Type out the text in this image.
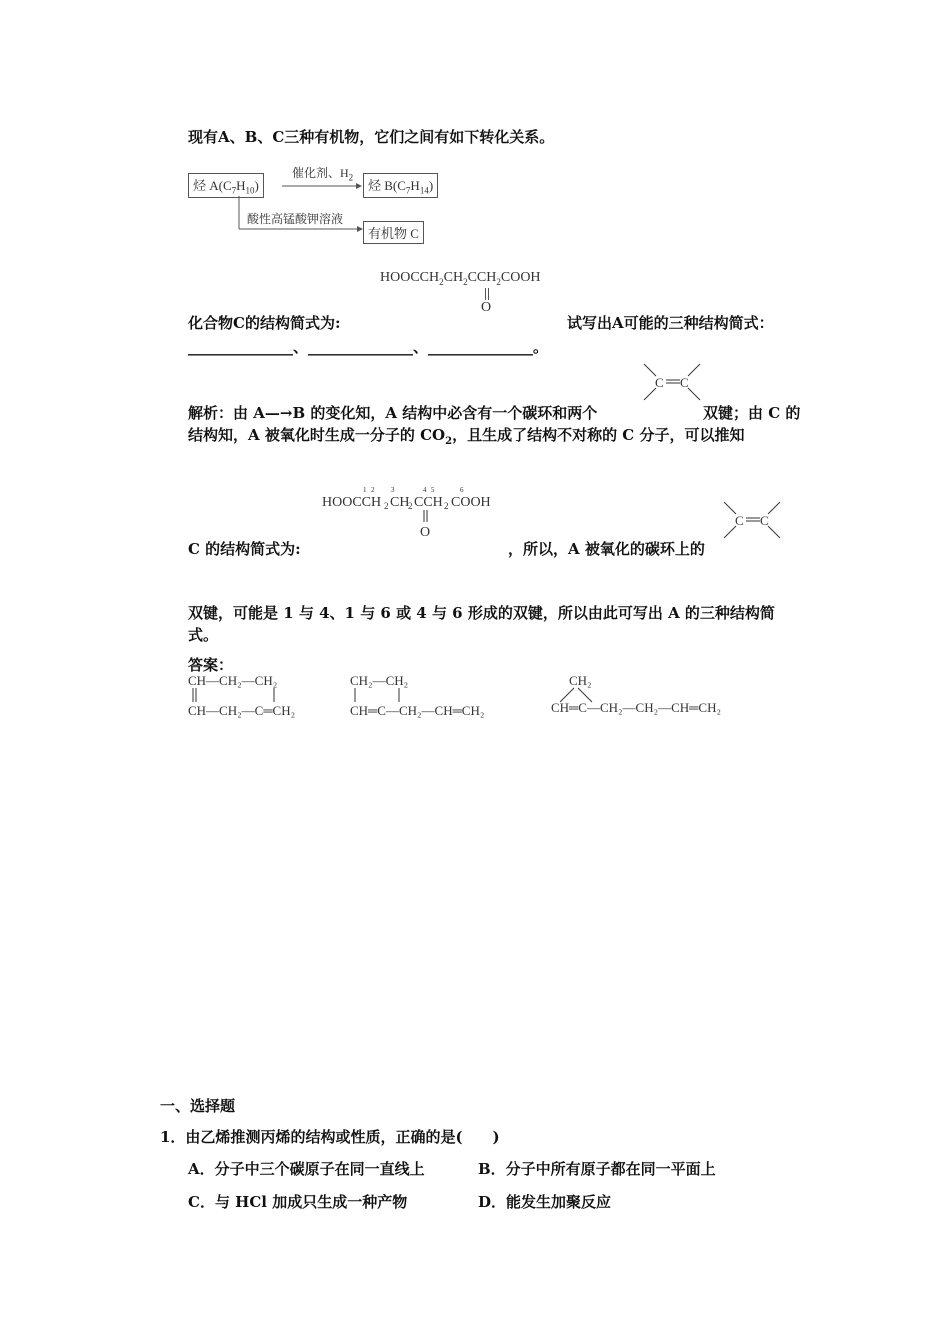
现有A、B、C三种有机物，它们之间有如下转化关系。
烃 $A(C_7H_{10})$
催化剂、$H_2$
烃 $B(C_7H_{14})$
酸性高锰酸钾溶液
有机物 C
$HOOCCH_2CH_2CCH_2COOH$
O
化合物C的结构简式为:	试写出A可能的三种结构简式：
______________、______________、______________。
C C
解析：由 A—→B 的变化知，A 结构中必含有一个碳环和两个	双键；由 C 的
结构知，A 被氧化时生成一分子的 $CO_2$，且生成了结构不对称的 C 分子，可以推知
1 2 3	4 5	6
HOOCCH 2 CH
2 CCH 2 COOH
O
C C
C 的结构简式为:	，所以，A 被氧化的碳环上的
双键，可能是 1 与 4、1 与 6 或 4 与 6 形成的双键，所以由此可写出 A 的三种结构简
式。
答案：
CH—CH₂—CH₂
CH—CH₂—C═CH₂
CH₂—CH₂
CH═C—CH₂—CH═CH₂
CH₂
CH═C—CH₂—CH₂—CH═CH₂
一、选择题
1．由乙烯推测丙烯的结构或性质，正确的是(　　)
A．分子中三个碳原子在同一直线上	B．分子中所有原子都在同一平面上
C．与 HCl 加成只生成一种产物	D．能发生加聚反应
